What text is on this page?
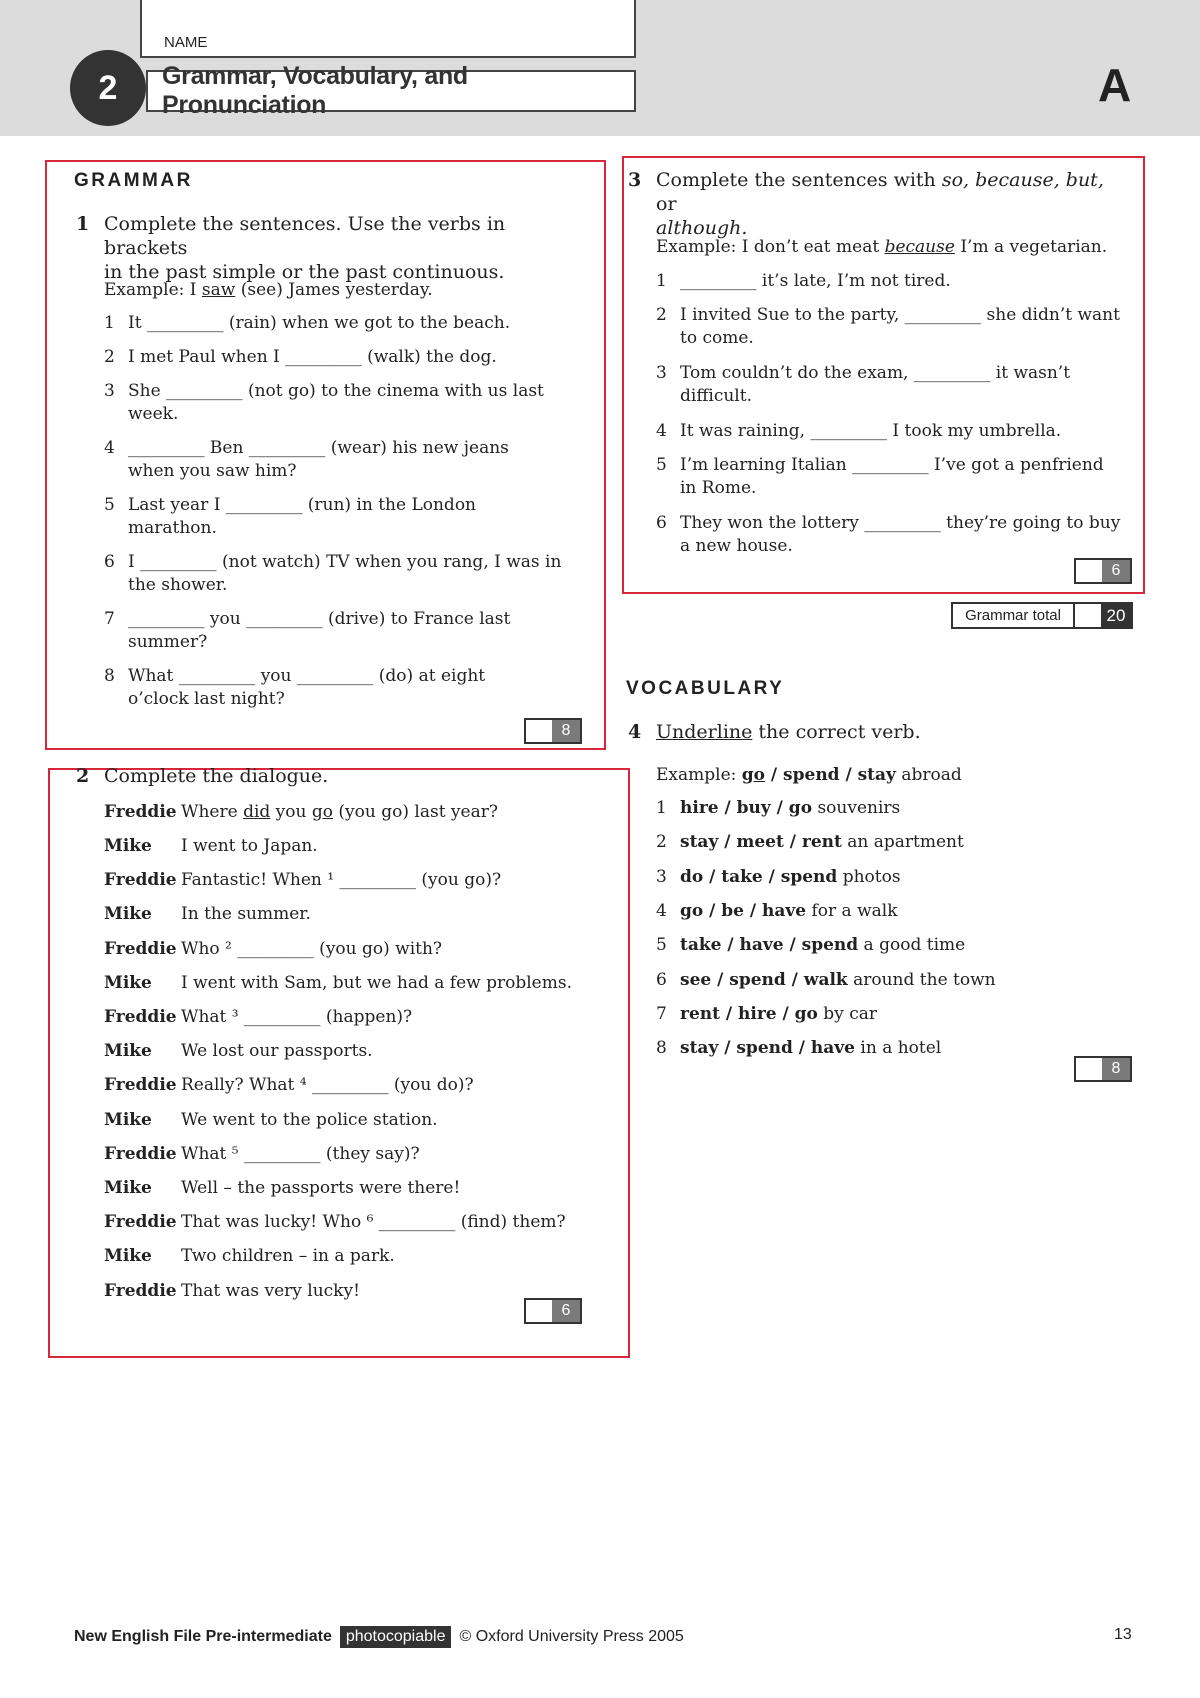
NAME
Grammar, Vocabulary, and Pronunciation
2	A
GRAMMAR
1 Complete the sentences. Use the verbs in brackets
in the past simple or the past continuous.
Example: I saw (see) James yesterday.
1 It _________ (rain) when we got to the beach.
2 I met Paul when I _________ (walk) the dog.
3 She _________ (not go) to the cinema with us last
week.
4 _________ Ben _________ (wear) his new jeans
when you saw him?
5 Last year I _________ (run) in the London
marathon.
6 I _________ (not watch) TV when you rang, I was in
the shower.
7 _________ you _________ (drive) to France last
summer?
8 What _________ you _________ (do) at eight
o’clock last night?
8
2 Complete the dialogue.
Freddie Where did you go (you go) last year?
Mike I went to Japan.
Freddie Fantastic! When ¹ _________ (you go)?
Mike In the summer.
Freddie Who ² _________ (you go) with?
Mike I went with Sam, but we had a few problems.
Freddie What ³ _________ (happen)?
Mike We lost our passports.
Freddie Really? What ⁴ _________ (you do)?
Mike We went to the police station.
Freddie What ⁵ _________ (they say)?
Mike Well – the passports were there!
Freddie That was lucky! Who ⁶ _________ (find) them?
Mike Two children – in a park.
Freddie That was very lucky!
6
3 Complete the sentences with so, because, but, or
although.
Example: I don’t eat meat because I’m a vegetarian.
1 _________ it’s late, I’m not tired.
2 I invited Sue to the party, _________ she didn’t want
to come.
3 Tom couldn’t do the exam, _________ it wasn’t
difficult.
4 It was raining, _________ I took my umbrella.
5 I’m learning Italian _________ I’ve got a penfriend
in Rome.
6 They won the lottery _________ they’re going to buy
a new house.
6
Grammar total	20
VOCABULARY
4 Underline the correct verb.
Example: go / spend / stay abroad
1 hire / buy / go souvenirs
2 stay / meet / rent an apartment
3 do / take / spend photos
4 go / be / have for a walk
5 take / have / spend a good time
6 see / spend / walk around the town
7 rent / hire / go by car
8 stay / spend / have in a hotel
8
New English File Pre-intermediate photocopiable © Oxford University Press 2005	13
